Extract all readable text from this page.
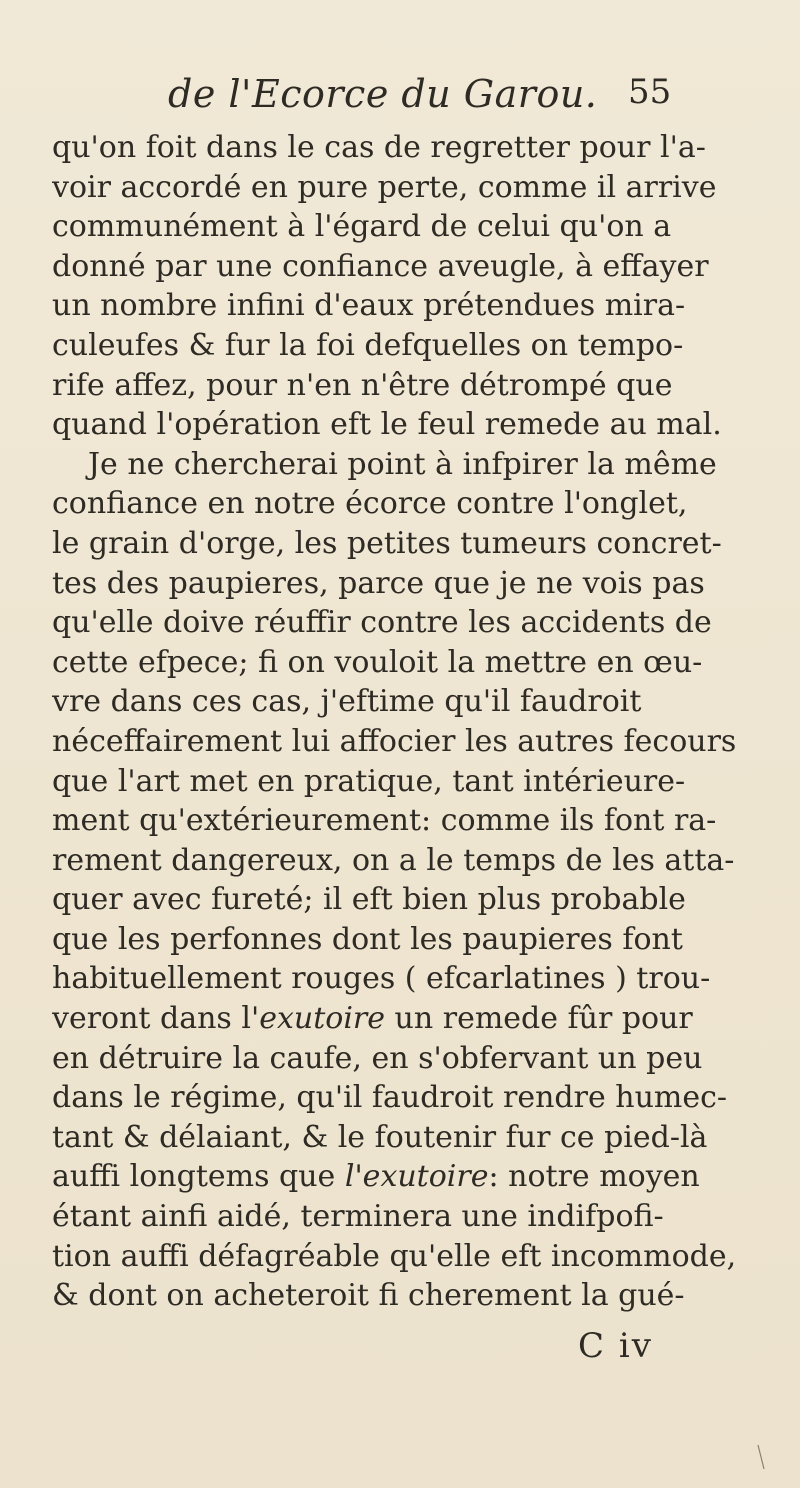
de l'Ecorce du Garou. 55
qu'on foit dans le cas de regretter pour l'a-
voir accordé en pure perte, comme il arrive
communément à l'égard de celui qu'on a
donné par une confiance aveugle, à effayer
un nombre infini d'eaux prétendues mira-
culeufes & fur la foi defquelles on tempo-
rife affez, pour n'en n'être détrompé que
quand l'opération eft le feul remede au mal.
Je ne chercherai point à infpirer la même
confiance en notre écorce contre l'onglet,
le grain d'orge, les petites tumeurs concret-
tes des paupieres, parce que je ne vois pas
qu'elle doive réuffir contre les accidents de
cette efpece; fi on vouloit la mettre en œu-
vre dans ces cas, j'eftime qu'il faudroit
néceffairement lui affocier les autres fecours
que l'art met en pratique, tant intérieure-
ment qu'extérieurement: comme ils font ra-
rement dangereux, on a le temps de les atta-
quer avec fureté; il eft bien plus probable
que les perfonnes dont les paupieres font
habituellement rouges ( efcarlatines ) trou-
veront dans l'exutoire un remede fûr pour
en détruire la caufe, en s'obfervant un peu
dans le régime, qu'il faudroit rendre humec-
tant & délaiant, & le foutenir fur ce pied-là
auffi longtems que l'exutoire: notre moyen
étant ainfi aidé, terminera une indifpofi-
tion auffi défagréable qu'elle eft incommode,
& dont on acheteroit fi cherement la gué-
C iv
